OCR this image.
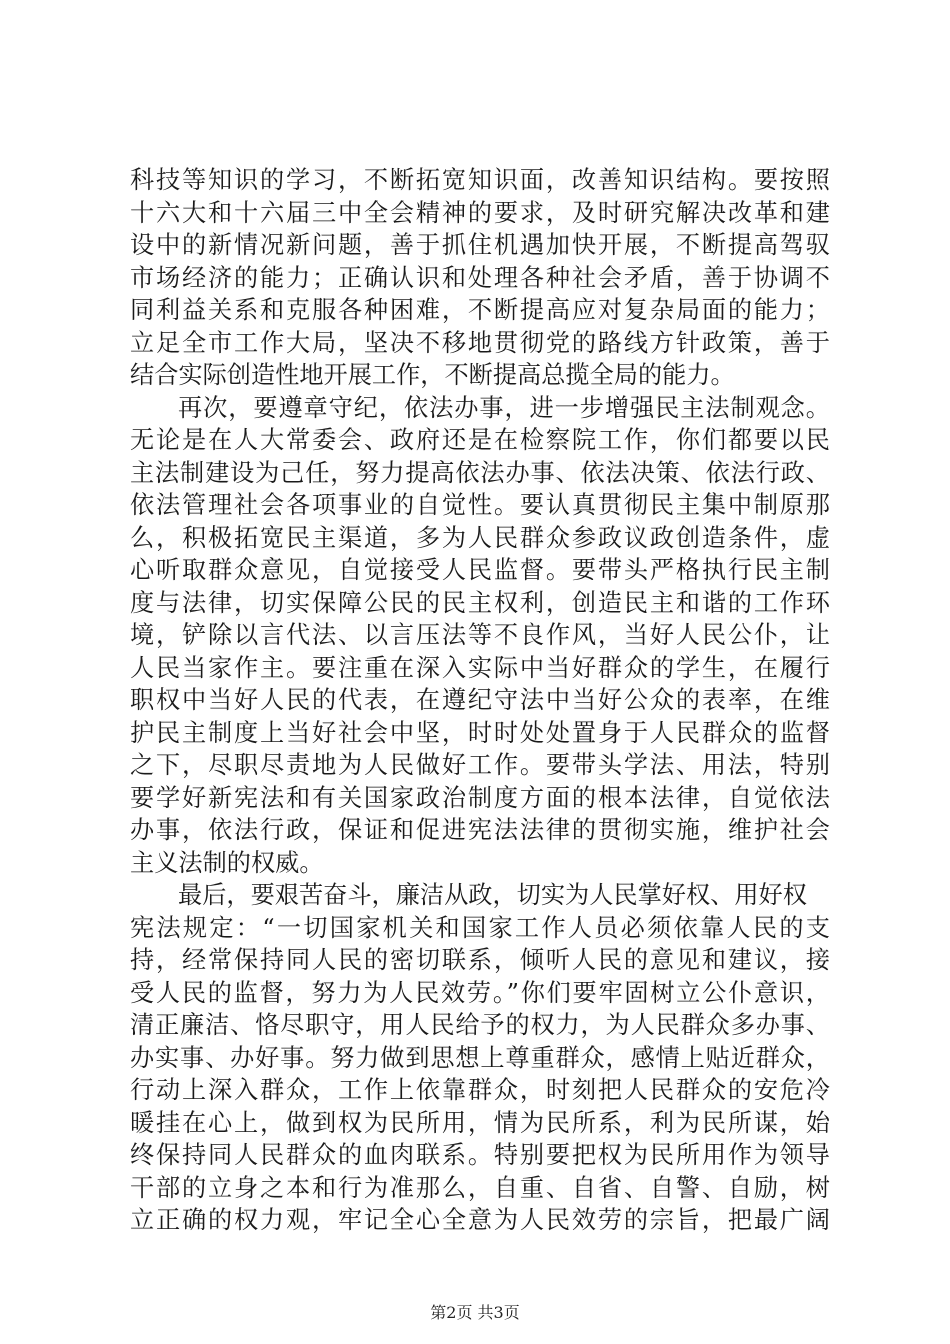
科技等知识的学习，不断拓宽知识面，改善知识结构。要按照
十六大和十六届三中全会精神的要求，及时研究解决改革和建
设中的新情况新问题，善于抓住机遇加快开展，不断提高驾驭
市场经济的能力；正确认识和处理各种社会矛盾，善于协调不
同利益关系和克服各种困难，不断提高应对复杂局面的能力；
立足全市工作大局，坚决不移地贯彻党的路线方针政策，善于
结合实际创造性地开展工作，不断提高总揽全局的能力。
再次，要遵章守纪，依法办事，进一步增强民主法制观念。
无论是在人大常委会、政府还是在检察院工作，你们都要以民
主法制建设为己任，努力提高依法办事、依法决策、依法行政、
依法管理社会各项事业的自觉性。要认真贯彻民主集中制原那
么，积极拓宽民主渠道，多为人民群众参政议政创造条件，虚
心听取群众意见，自觉接受人民监督。要带头严格执行民主制
度与法律，切实保障公民的民主权利，创造民主和谐的工作环
境，铲除以言代法、以言压法等不良作风，当好人民公仆，让
人民当家作主。要注重在深入实际中当好群众的学生，在履行
职权中当好人民的代表，在遵纪守法中当好公众的表率，在维
护民主制度上当好社会中坚，时时处处置身于人民群众的监督
之下，尽职尽责地为人民做好工作。要带头学法、用法，特别
要学好新宪法和有关国家政治制度方面的根本法律，自觉依法
办事，依法行政，保证和促进宪法法律的贯彻实施，维护社会
主义法制的权威。
最后，要艰苦奋斗，廉洁从政，切实为人民掌好权、用好权
宪法规定：“一切国家机关和国家工作人员必须依靠人民的支
持，经常保持同人民的密切联系，倾听人民的意见和建议，接
受人民的监督，努力为人民效劳。”你们要牢固树立公仆意识，
清正廉洁、恪尽职守，用人民给予的权力，为人民群众多办事、
办实事、办好事。努力做到思想上尊重群众，感情上贴近群众，
行动上深入群众，工作上依靠群众，时刻把人民群众的安危冷
暖挂在心上，做到权为民所用，情为民所系，利为民所谋，始
终保持同人民群众的血肉联系。特别要把权为民所用作为领导
干部的立身之本和行为准那么，自重、自省、自警、自励，树
立正确的权力观，牢记全心全意为人民效劳的宗旨，把最广阔
第2页 共3页
